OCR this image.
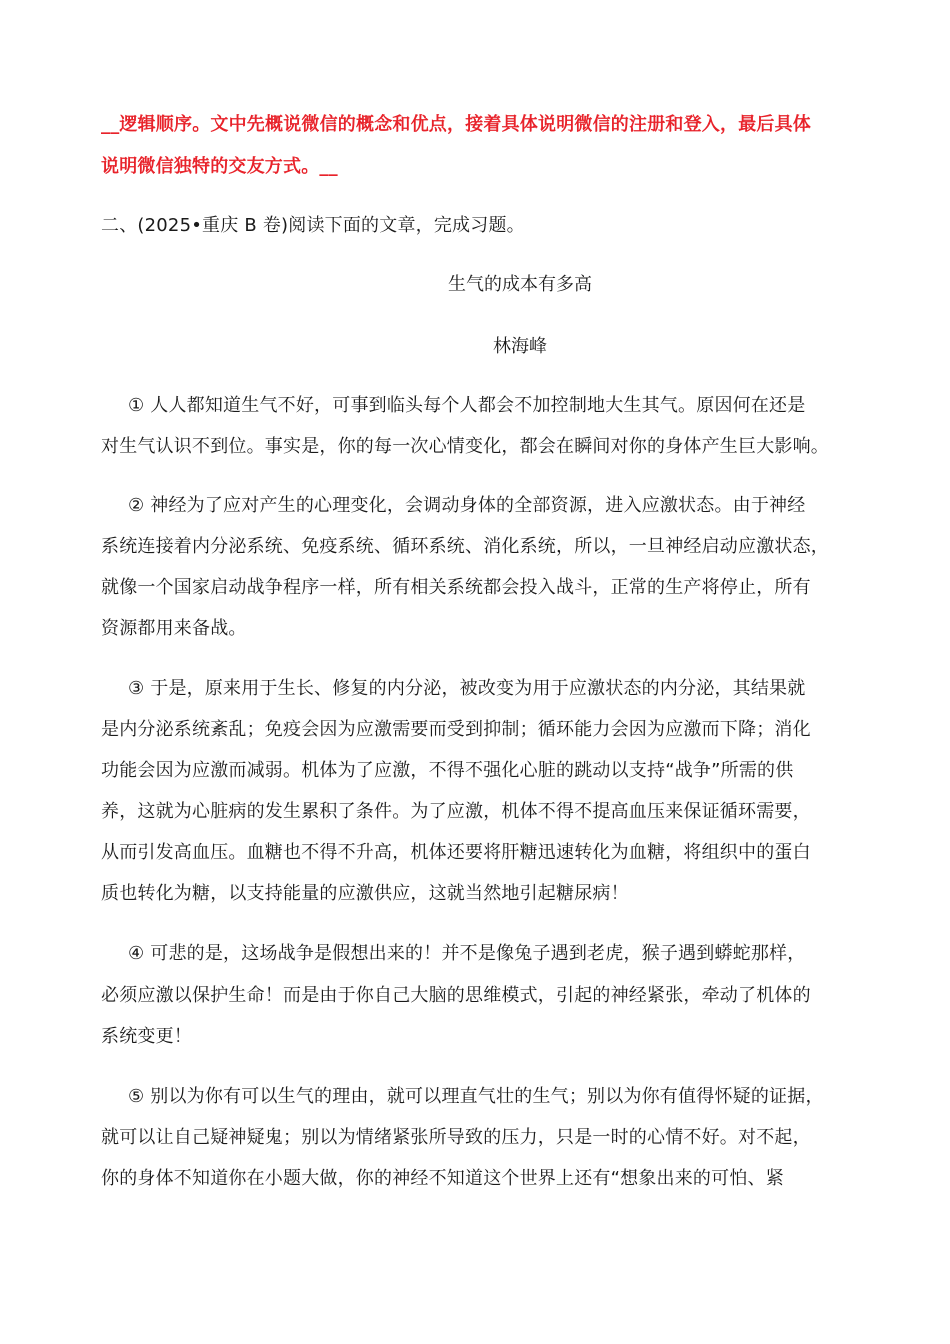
__逻辑顺序。文中先概说微信的概念和优点，接着具体说明微信的注册和登入，最后具体
说明微信独特的交友方式。__
二、(2025•重庆 B 卷)阅读下面的文章，完成习题。
生气的成本有多高
林海峰
① 人人都知道生气不好，可事到临头每个人都会不加控制地大生其气。原因何在还是
对生气认识不到位。事实是，你的每一次心情变化，都会在瞬间对你的身体产生巨大影响。
② 神经为了应对产生的心理变化，会调动身体的全部资源，进入应激状态。由于神经
系统连接着内分泌系统、免疫系统、循环系统、消化系统，所以，一旦神经启动应激状态，
就像一个国家启动战争程序一样，所有相关系统都会投入战斗，正常的生产将停止，所有
资源都用来备战。
③ 于是，原来用于生长、修复的内分泌，被改变为用于应激状态的内分泌，其结果就
是内分泌系统紊乱；免疫会因为应激需要而受到抑制；循环能力会因为应激而下降；消化
功能会因为应激而减弱。机体为了应激，不得不强化心脏的跳动以支持“战争”所需的供
养，这就为心脏病的发生累积了条件。为了应激，机体不得不提高血压来保证循环需要，
从而引发高血压。血糖也不得不升高，机体还要将肝糖迅速转化为血糖，将组织中的蛋白
质也转化为糖，以支持能量的应激供应，这就当然地引起糖尿病！
④ 可悲的是，这场战争是假想出来的！并不是像兔子遇到老虎，猴子遇到蟒蛇那样，
必须应激以保护生命！而是由于你自己大脑的思维模式，引起的神经紧张，牵动了机体的
系统变更！
⑤ 别以为你有可以生气的理由，就可以理直气壮的生气；别以为你有值得怀疑的证据，
就可以让自己疑神疑鬼；别以为情绪紧张所导致的压力，只是一时的心情不好。对不起，
你的身体不知道你在小题大做，你的神经不知道这个世界上还有“想象出来的可怕、紧
